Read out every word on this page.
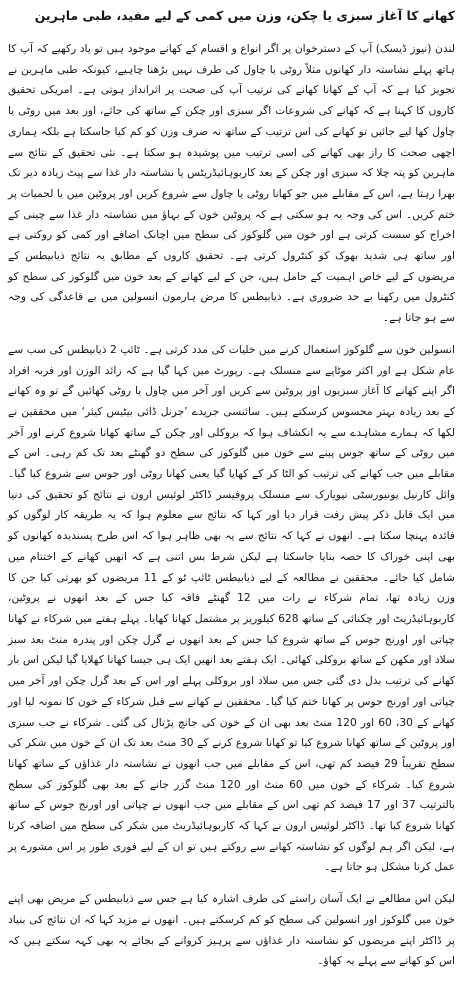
کھانے کا آغاز سبزی یا چکن، وزن میں کمی کے لیے مفید، طبی ماہرین

لندن (نیوز ڈیسک) آپ کے دسترخوان پر اگر انواع و اقسام کے کھانے موجود ہیں تو یاد رکھیے کہ آپ کا ہاتھ پہلے نشاستہ دار کھانوں مثلاً روٹی یا چاول کی طرف نہیں بڑھنا چاہیے، کیونکہ طبی ماہرین نے تجویز کیا ہے کہ آپ کے کھانا کھانے کی ترتیب آپ کی صحت پر اثرانداز ہوتی ہے۔ امریکی تحقیق کاروں کا کہنا ہے کہ کھانے کی شروعات اگر سبزی اور چکن کے ساتھ کی جائے، اور بعد میں روٹی یا چاول کھا لیے جائیں تو کھانے کی اس ترتیب کے ساتھ نہ صرف وزن کو کم کیا جاسکتا ہے بلکہ ہماری اچھی صحت کا راز بھی کھانے کی اسی ترتیب میں پوشیدہ ہو سکتا ہے۔ نئی تحقیق کے نتائج سے ماہرین کو پتہ چلا کہ سبزی اور چکن کے بعد کاربوہائیڈریٹس یا نشاستہ دار غذا سے پیٹ زیادہ دیر تک بھرا رہتا ہے، اس کے مقابلے میں جو کھانا روٹی یا چاول سے شروع کریں اور پروٹین میں یا لحمیات پر ختم کریں۔ اس کی وجہ یہ ہو سکتی ہے کہ پروٹین خون کے بہاؤ میں نشاستہ دار غذا سے چینی کے اخراج کو سست کرتی ہے اور خون میں گلوکوز کی سطح میں اچانک اضافے اور کمی کو روکتی ہے اور ساتھ ہی شدید بھوک کو کنٹرول کرتی ہے۔ تحقیق کاروں کے مطابق یہ نتائج ذیابیطس کے مریضوں کے لیے خاص اہمیت کے حامل ہیں، جن کے لیے کھانے کے بعد خون میں گلوکوز کی سطح کو کنٹرول میں رکھنا بے حد ضروری ہے۔ ذیابیطس کا مرض ہارمون انسولین میں بے قاعدگی کی وجہ سے ہو جاتا ہے۔

انسولین خون سے گلوکوز استعمال کرنے میں خلیات کی مدد کرتی ہے۔ ٹائپ 2 ذیابیطس کی سب سے عام شکل ہے اور اکثر موٹاپے سے منسلک ہے۔ رپورٹ میں کہا گیا ہے کہ زائد الوزن اور فربہ افراد اگر اپنے کھانے کا آغاز سبزیوں اور پروٹین سے کریں اور آخر میں چاول یا روٹی کھائیں گے تو وہ کھانے کے بعد زیادہ بہتر محسوس کرسکتے ہیں۔ سائنسی جریدے ’جرنل ڈائی بیٹیس کیئر‘ میں محققین نے لکھا کہ ہمارے مشاہدے سے یہ انکشاف ہوا کہ بروکلی اور چکن کے ساتھ کھانا شروع کرنے اور آخر میں روٹی کے ساتھ جوس پینے سے خون میں گلوکوز کی سطح دو گھنٹے بعد تک کم رہی۔ اس کے مقابلے میں جب کھانے کی ترتیب کو الٹا کر کے کھایا گیا یعنی کھانا روٹی اور جوس سے شروع کیا گیا۔ وائل کارنیل یونیورسٹی نیویارک سے منسلک پروفیسر ڈاکٹر لوئیس ارون نے نتائج کو تحقیق کی دنیا میں ایک قابل ذکر پیش رفت قرار دیا اور کہا کہ نتائج سے معلوم ہوا کہ یہ طریقہ کار لوگوں کو فائدہ پہنچا سکتا ہے۔ انھوں نے کہا کہ نتائج سے یہ بھی ظاہر ہوا کہ اس طرح پسندیدہ کھانوں کو بھی اپنی خوراک کا حصہ بنایا جاسکتا ہے لیکن شرط بس اتنی ہے کہ انھیں کھانے کے اختتام میں شامل کیا جائے۔ محققین نے مطالعہ کے لیے ذیابیطس ٹائپ ٹو کے 11 مریضوں کو بھرتی کیا جن کا وزن زیادہ تھا، تمام شرکاء نے رات میں 12 گھنٹے فاقہ کیا جس کے بعد انھوں نے پروٹین، کاربوہائیڈریٹ اور چکنائی کے ساتھ 628 کیلوریز پر مشتمل کھانا کھایا۔ پہلے ہفتے میں شرکاء نے کھانا چپاتی اور اورنج جوس کے ساتھ شروع کیا جس کے بعد انھوں نے گرل چکن اور پندرہ منٹ بعد سبز سلاد اور مکھن کے ساتھ بروکلی کھائی۔ ایک ہفتے بعد انھیں ایک ہی جیسا کھانا کھلایا گیا لیکن اس بار کھانے کی ترتیب بدل دی گئی جس میں سلاد اور بروکلی پہلے اور اس کے بعد گرل چکن اور آخر میں چپاتی اور اورنج جوس پر کھانا ختم کیا گیا۔ محققین نے کھانے سے قبل شرکاء کے خون کا نمونہ لیا اور کھانے کے 30، 60 اور 120 منٹ بعد بھی ان کے خون کی جانچ پڑتال کی گئی۔ شرکاء نے جب سبزی اور پروٹین کے ساتھ کھانا شروع کیا تو کھانا شروع کرنے کے 30 منٹ بعد تک ان کے خون میں شکر کی سطح تقریباً 29 فیصد کم تھی، اس کے مقابلے میں جب انھوں نے نشاستہ دار غذاؤں کے ساتھ کھانا شروع کیا۔ شرکاء کے خون میں 60 منٹ اور 120 منٹ گزر جانے کے بعد بھی گلوکوز کی سطح بالترتیب 37 اور 17 فیصد کم تھی اس کے مقابلے میں جب انھوں نے چپاتی اور اورنج جوس کے ساتھ کھانا شروع کیا تھا۔ ڈاکٹر لوئیس ارون نے کہا کہ کاربوہائیڈریٹ میں شکر کی سطح میں اضافہ کرتا ہے، لیکن اگر ہم لوگوں کو نشاستہ کھانے سے روکتے ہیں تو ان کے لیے فوری طور پر اس مشورے پر عمل کرنا مشکل ہو جاتا ہے۔

لیکن اس مطالعے نے ایک آسان راستے کی طرف اشارہ کیا ہے جس سے ذیابیطس کے مریض بھی اپنے خون میں گلوکوز اور انسولین کی سطح کو کم کرسکتے ہیں۔ انھوں نے مزید کہا کہ ان نتائج کی بنیاد پر ڈاکٹر اپنے مریضوں کو نشاستہ دار غذاؤں سے پرہیز کروانے کے بجائے یہ بھی کہہ سکتے ہیں کہ اس کو کھانے سے پہلے یہ کھاؤ۔
